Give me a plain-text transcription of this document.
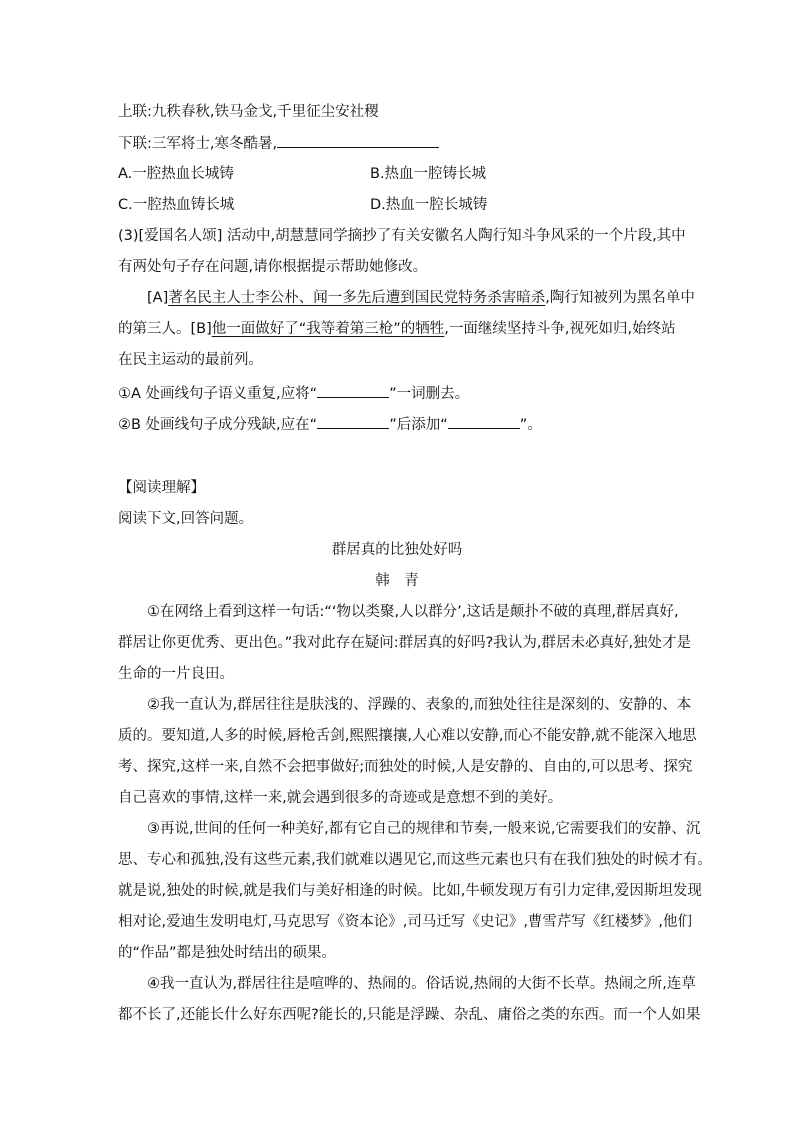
上联:九秩春秋,铁马金戈,千里征尘安社稷
下联:三军将士,寒冬酷暑,
A.一腔热血长城铸	B.热血一腔铸长城
C.一腔热血铸长城	D.热血一腔长城铸
(3)[爱国名人颂] 活动中,胡慧慧同学摘抄了有关安徽名人陶行知斗争风采的一个片段,其中
有两处句子存在问题,请你根据提示帮助她修改。
[A]著名民主人士李公朴、闻一多先后遭到国民党特务杀害暗杀,陶行知被列为黑名单中
的第三人。[B]他一面做好了“我等着第三枪”的牺牲,一面继续坚持斗争,视死如归,始终站
在民主运动的最前列。
①A 处画线句子语义重复,应将“	”一词删去。
②B 处画线句子成分残缺,应在“	”后添加“	”。
【阅读理解】
阅读下文,回答问题。
群居真的比独处好吗
韩　青
①在网络上看到这样一句话:“‘物以类聚,人以群分’,这话是颠扑不破的真理,群居真好,
群居让你更优秀、更出色。”我对此存在疑问:群居真的好吗?我认为,群居未必真好,独处才是
生命的一片良田。
②我一直认为,群居往往是肤浅的、浮躁的、表象的,而独处往往是深刻的、安静的、本
质的。要知道,人多的时候,唇枪舌剑,熙熙攘攘,人心难以安静,而心不能安静,就不能深入地思
考、探究,这样一来,自然不会把事做好;而独处的时候,人是安静的、自由的,可以思考、探究
自己喜欢的事情,这样一来,就会遇到很多的奇迹或是意想不到的美好。
③再说,世间的任何一种美好,都有它自己的规律和节奏,一般来说,它需要我们的安静、沉
思、专心和孤独,没有这些元素,我们就难以遇见它,而这些元素也只有在我们独处的时候才有。
就是说,独处的时候,就是我们与美好相逢的时候。比如,牛顿发现万有引力定律,爱因斯坦发现
相对论,爱迪生发明电灯,马克思写《资本论》,司马迁写《史记》,曹雪芹写《红楼梦》,他们
的“作品”都是独处时结出的硕果。
④我一直认为,群居往往是喧哗的、热闹的。俗话说,热闹的大街不长草。热闹之所,连草
都不长了,还能长什么好东西呢?能长的,只能是浮躁、杂乱、庸俗之类的东西。而一个人如果
